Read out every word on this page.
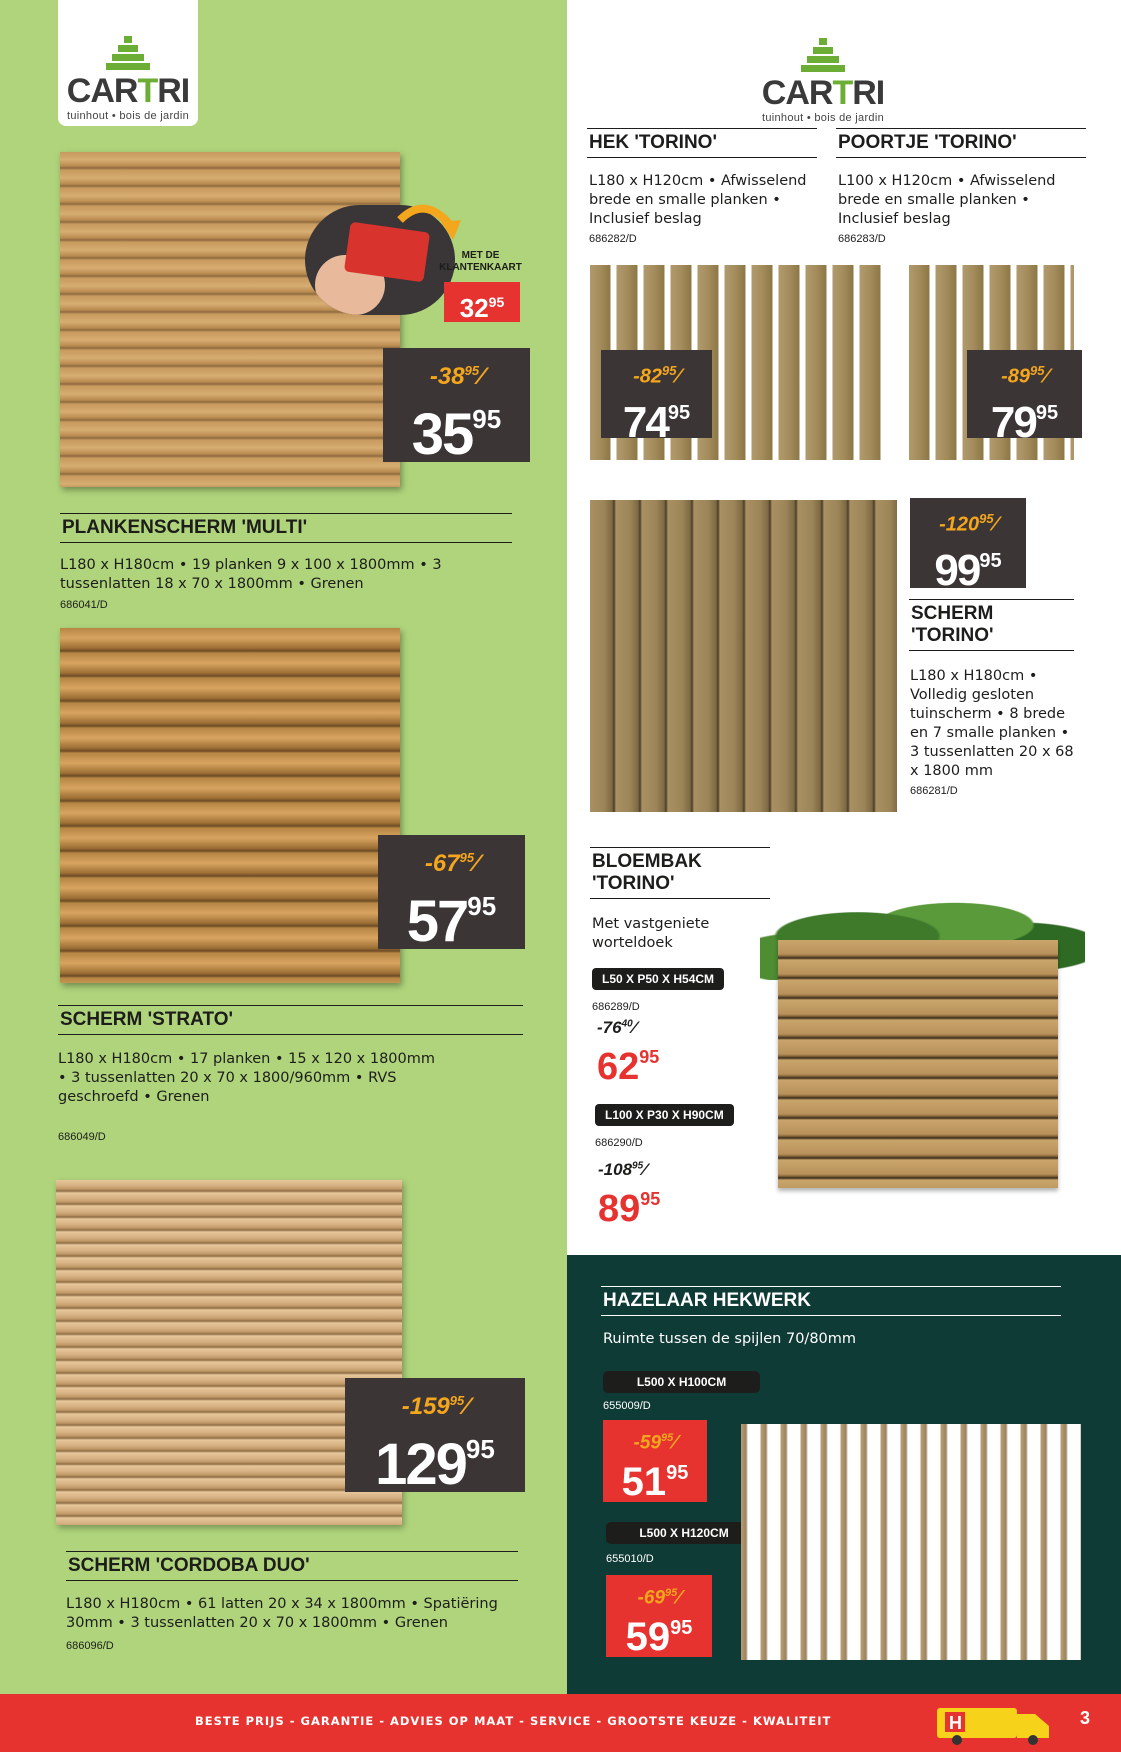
CARTRI
tuinhout • bois de jardin
CARTRI
tuinhout • bois de jardin
MET DE KLANTENKAART
$32^{95}$
$-38^{95}⁄$
$35^{95}$
PLANKENSCHERM 'MULTI'
L180 x H180cm • 19 planken 9 x 100 x 1800mm • 3 tussenlatten 18 x 70 x 1800mm • Grenen
686041/D
$-67^{95}⁄$
$57^{95}$
SCHERM 'STRATO'
L180 x H180cm • 17 planken • 15 x 120 x 1800mm • 3 tussenlatten 20 x 70 x 1800/960mm • RVS geschroefd • Grenen
686049/D
$-159^{95}⁄$
$129^{95}$
SCHERM 'CORDOBA DUO'
L180 x H180cm • 61 latten 20 x 34 x 1800mm • Spatiëring 30mm • 3 tussenlatten 20 x 70 x 1800mm • Grenen
686096/D
HEK 'TORINO'
L180 x H120cm • Afwisselend brede en smalle planken • Inclusief beslag
686282/D
$-82^{95}⁄$
$74^{95}$
POORTJE 'TORINO'
L100 x H120cm • Afwisselend brede en smalle planken • Inclusief beslag
686283/D
$-89^{95}⁄$
$79^{95}$
$-120^{95}⁄$
$99^{95}$
SCHERM 'TORINO'
L180 x H180cm • Volledig gesloten tuinscherm • 8 brede en 7 smalle planken • 3 tussenlatten 20 x 68 x 1800 mm
686281/D
BLOEMBAK 'TORINO'
Met vastgeniete worteldoek
L50 X P50 X H54CM
686289/D
$-76^{40}⁄$
$62^{95}$
L100 X P30 X H90CM
686290/D
$-108^{95}⁄$
$89^{95}$
HAZELAAR HEKWERK
Ruimte tussen de spijlen 70/80mm
L500 X H100CM
655009/D
$-59^{95}⁄$
$51^{95}$
L500 X H120CM
655010/D
$-69^{95}⁄$
$59^{95}$
BESTE PRIJS - GARANTIE - ADVIES OP MAAT - SERVICE - GROOTSTE KEUZE - KWALITEIT	H	3
